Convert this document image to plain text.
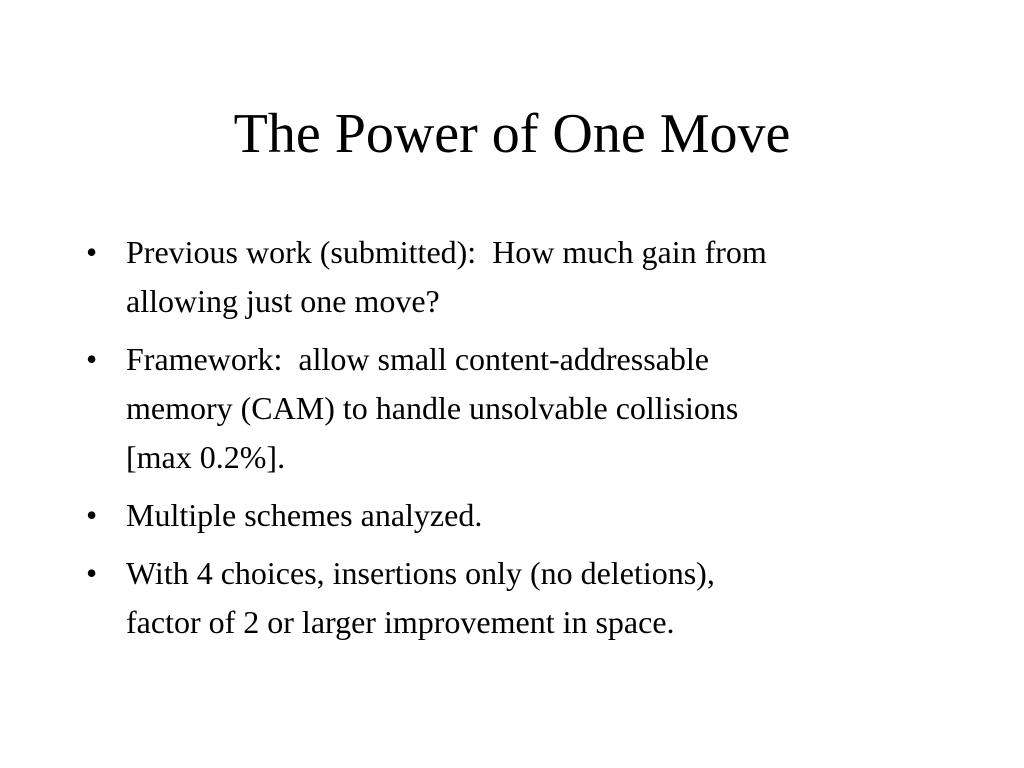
The Power of One Move
• Previous work (submitted):  How much gain from
allowing just one move?
• Framework:  allow small content-addressable
memory (CAM) to handle unsolvable collisions
[max 0.2%].
• Multiple schemes analyzed.
• With 4 choices, insertions only (no deletions),
factor of 2 or larger improvement in space.
